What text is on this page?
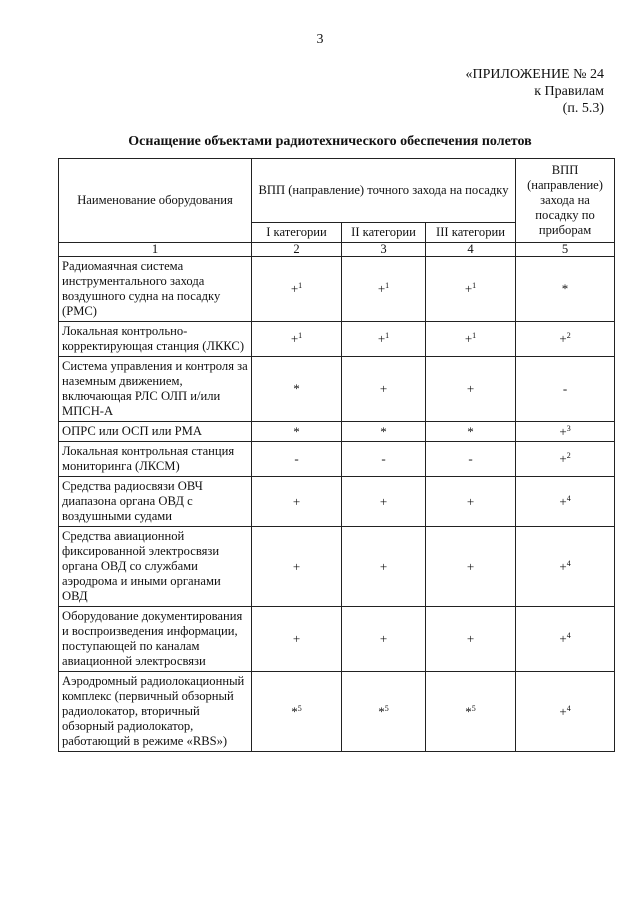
3
«ПРИЛОЖЕНИЕ № 24
к Правилам
(п. 5.3)
Оснащение объектами радиотехнического обеспечения полетов
Наименование оборудования	ВПП (направление) точного захода на посадку			ВПП (направление) захода на посадку по приборам
	I категории	II категории	III категории	
1	2	3	4	5
Радиомаячная система инструментального захода воздушного судна на посадку (РМС)	+$^1$	+$^1$	+$^1$	*
Локальная контрольно-корректирующая станция (ЛККС)	+$^1$	+$^1$	+$^1$	+$^2$
Система управления и контроля за наземным движением, включающая РЛС ОЛП и/или МПСН-А	*	+	+	-
ОПРС или ОСП или РМА	*	*	*	+$^3$
Локальная контрольная станция мониторинга (ЛКСМ)	-	-	-	+$^2$
Средства радиосвязи ОВЧ диапазона органа ОВД с воздушными судами	+	+	+	+$^4$
Средства авиационной фиксированной электросвязи органа ОВД со службами аэродрома и иными органами ОВД	+	+	+	+$^4$
Оборудование документирования и воспроизведения информации, поступающей по каналам авиационной электросвязи	+	+	+	+$^4$
Аэродромный радиолокационный комплекс (первичный обзорный радиолокатор, вторичный обзорный радиолокатор, работающий в режиме «RBS»)	*$^5$	*$^5$	*$^5$	+$^4$
